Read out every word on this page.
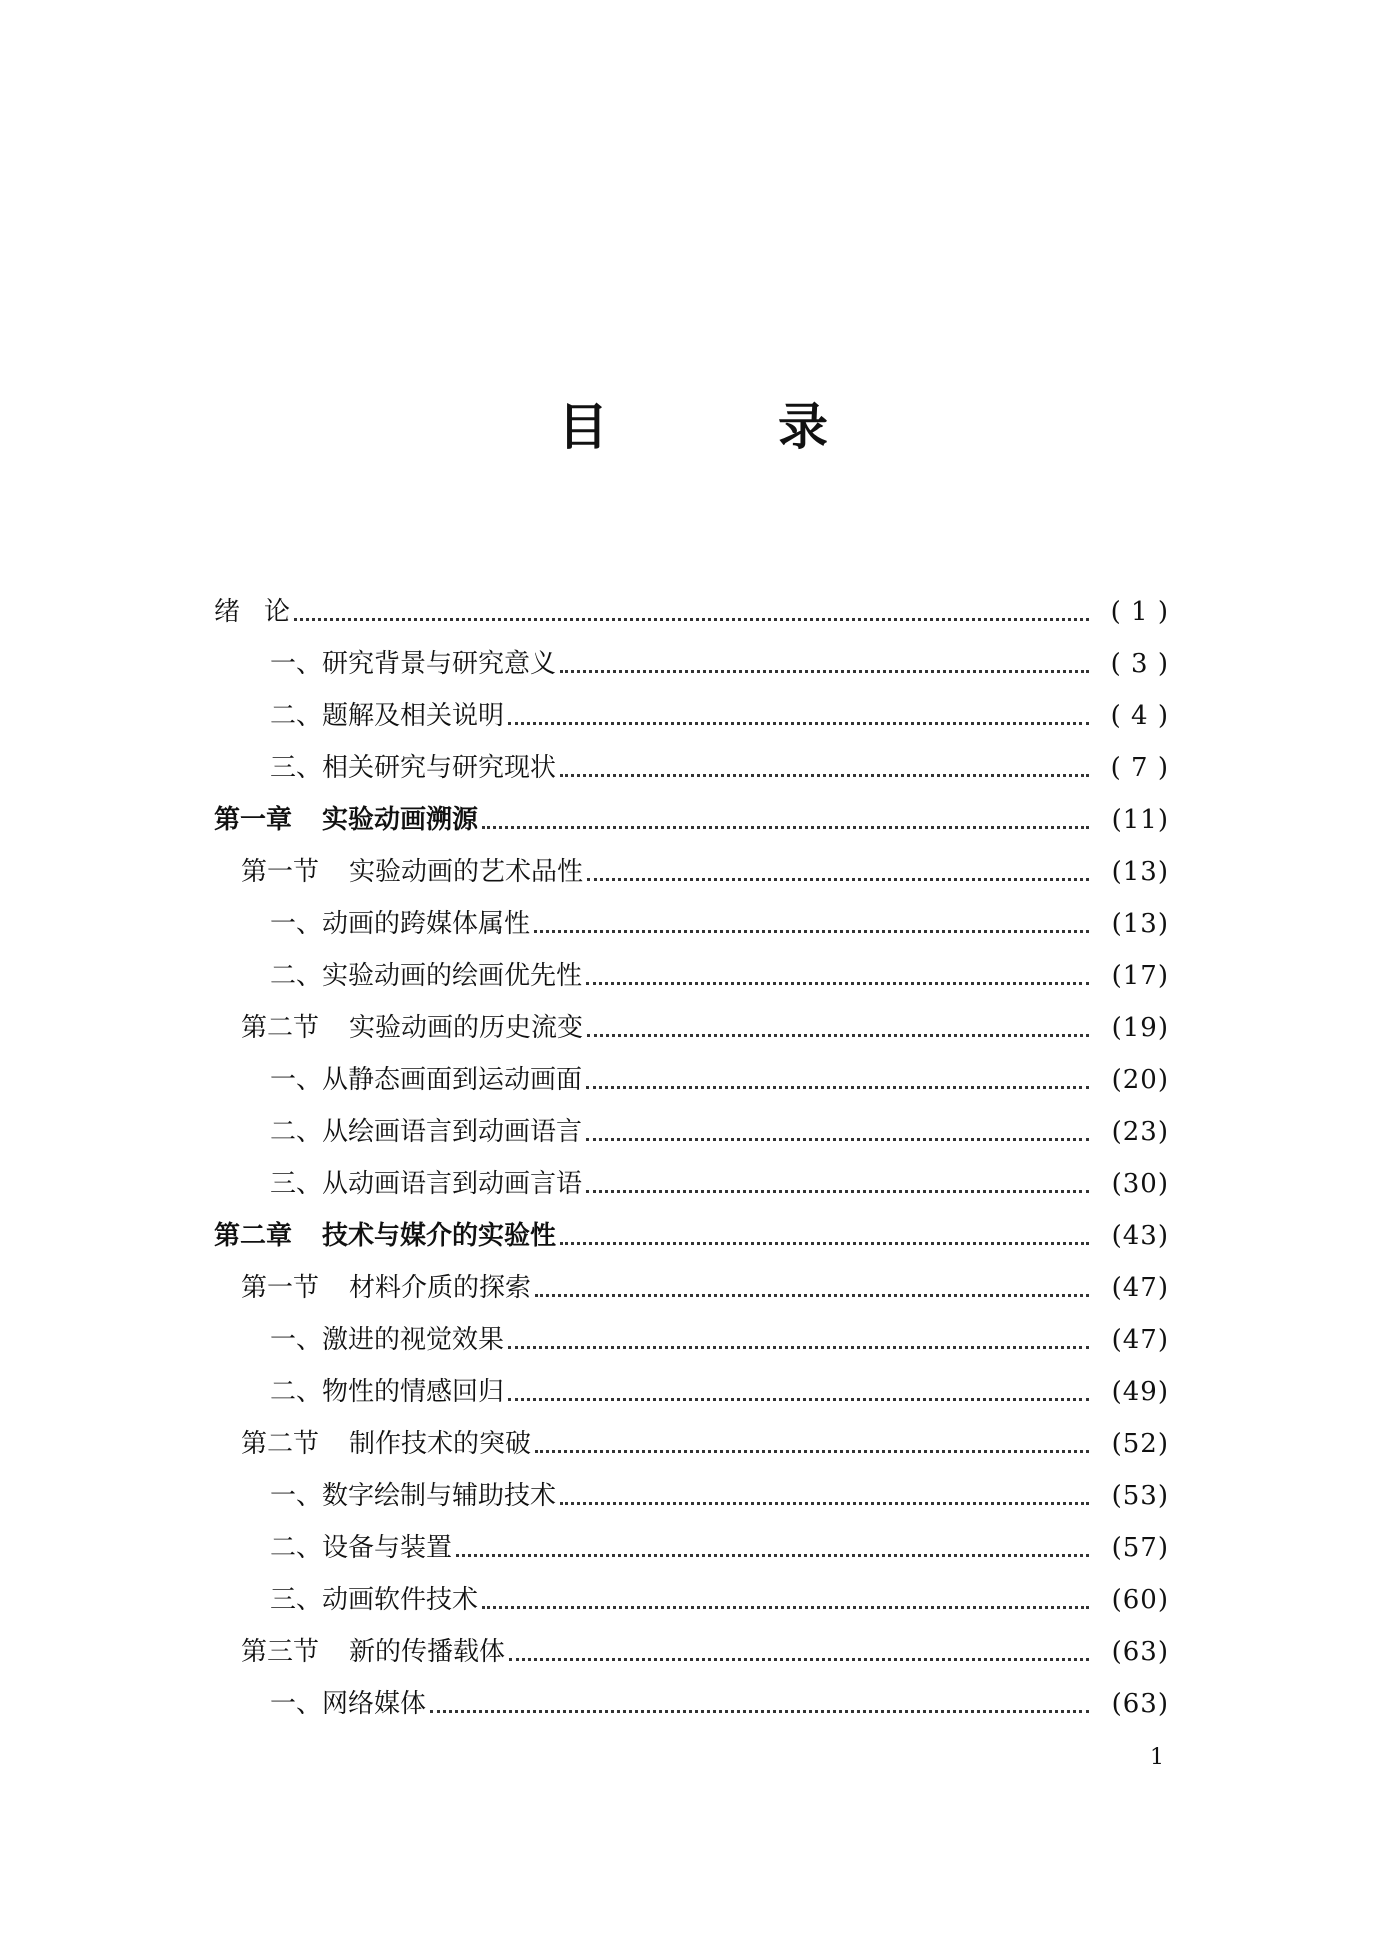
目　录
绪 论	( 1 )
一、研究背景与研究意义	( 3 )
二、题解及相关说明	( 4 )
三、相关研究与研究现状	( 7 )
第一章 实验动画溯源	(11)
第一节 实验动画的艺术品性	(13)
一、动画的跨媒体属性	(13)
二、实验动画的绘画优先性	(17)
第二节 实验动画的历史流变	(19)
一、从静态画面到运动画面	(20)
二、从绘画语言到动画语言	(23)
三、从动画语言到动画言语	(30)
第二章 技术与媒介的实验性	(43)
第一节 材料介质的探索	(47)
一、激进的视觉效果	(47)
二、物性的情感回归	(49)
第二节 制作技术的突破	(52)
一、数字绘制与辅助技术	(53)
二、设备与装置	(57)
三、动画软件技术	(60)
第三节 新的传播载体	(63)
一、网络媒体	(63)
1
